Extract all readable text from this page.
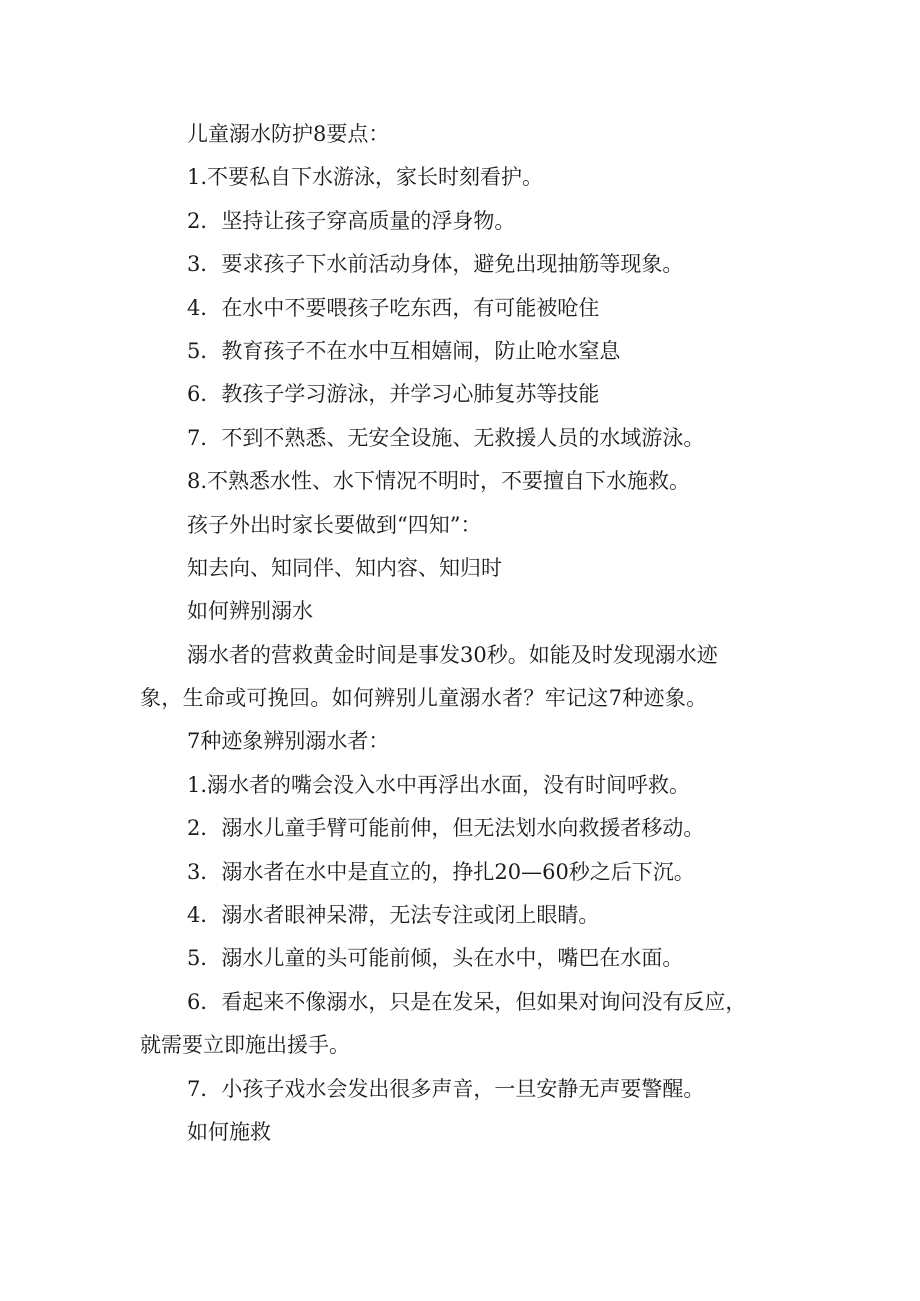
儿童溺水防护8要点：
1.不要私自下水游泳，家长时刻看护。
2．坚持让孩子穿高质量的浮身物。
3．要求孩子下水前活动身体，避免出现抽筋等现象。
4．在水中不要喂孩子吃东西，有可能被呛住
5．教育孩子不在水中互相嬉闹，防止呛水窒息
6．教孩子学习游泳，并学习心肺复苏等技能
7．不到不熟悉、无安全设施、无救援人员的水域游泳。
8.不熟悉水性、水下情况不明时，不要擅自下水施救。
孩子外出时家长要做到“四知”：
知去向、知同伴、知内容、知归时
如何辨别溺水
溺水者的营救黄金时间是事发30秒。如能及时发现溺水迹
象，生命或可挽回。如何辨别儿童溺水者？牢记这7种迹象。
7种迹象辨别溺水者：
1.溺水者的嘴会没入水中再浮出水面，没有时间呼救。
2．溺水儿童手臂可能前伸，但无法划水向救援者移动。
3．溺水者在水中是直立的，挣扎20—60秒之后下沉。
4．溺水者眼神呆滞，无法专注或闭上眼睛。
5．溺水儿童的头可能前倾，头在水中，嘴巴在水面。
6．看起来不像溺水，只是在发呆，但如果对询问没有反应，
就需要立即施出援手。
7．小孩子戏水会发出很多声音，一旦安静无声要警醒。
如何施救
